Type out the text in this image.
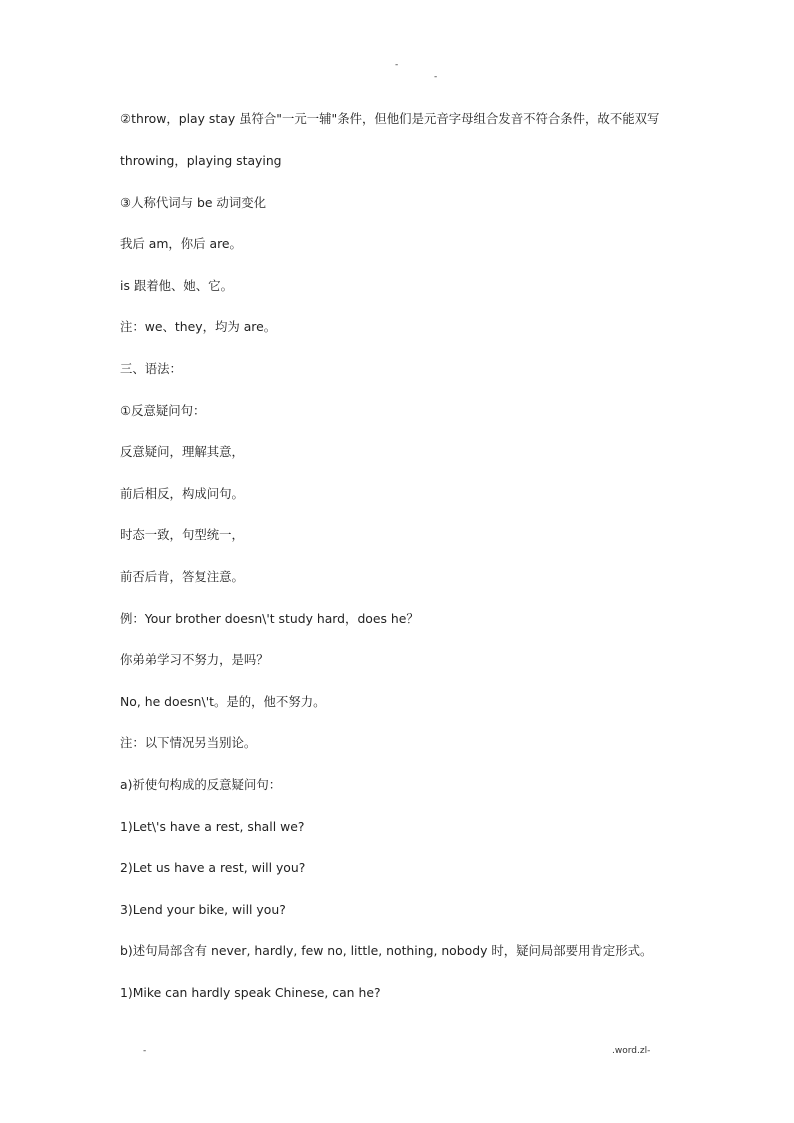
-
-
②throw，play stay 虽符合"一元一辅"条件，但他们是元音字母组合发音不符合条件，故不能双写
throwing，playing staying
③人称代词与 be 动词变化
我后 am，你后 are。
is 跟着他、她、它。
注：we、they，均为 are。
三、语法：
①反意疑问句：
反意疑问，理解其意，
前后相反，构成问句。
时态一致，句型统一，
前否后肯，答复注意。
例：Your brother doesn\'t study hard，does he？
你弟弟学习不努力，是吗？
No, he doesn\'t。是的，他不努力。
注：以下情况另当别论。
a)祈使句构成的反意疑问句：
1)Let\'s have a rest, shall we?
2)Let us have a rest, will you?
3)Lend your bike, will you?
b)述句局部含有 never, hardly, few no, little, nothing, nobody 时，疑问局部要用肯定形式。
1)Mike can hardly speak Chinese, can he?
-	.word.zl-
